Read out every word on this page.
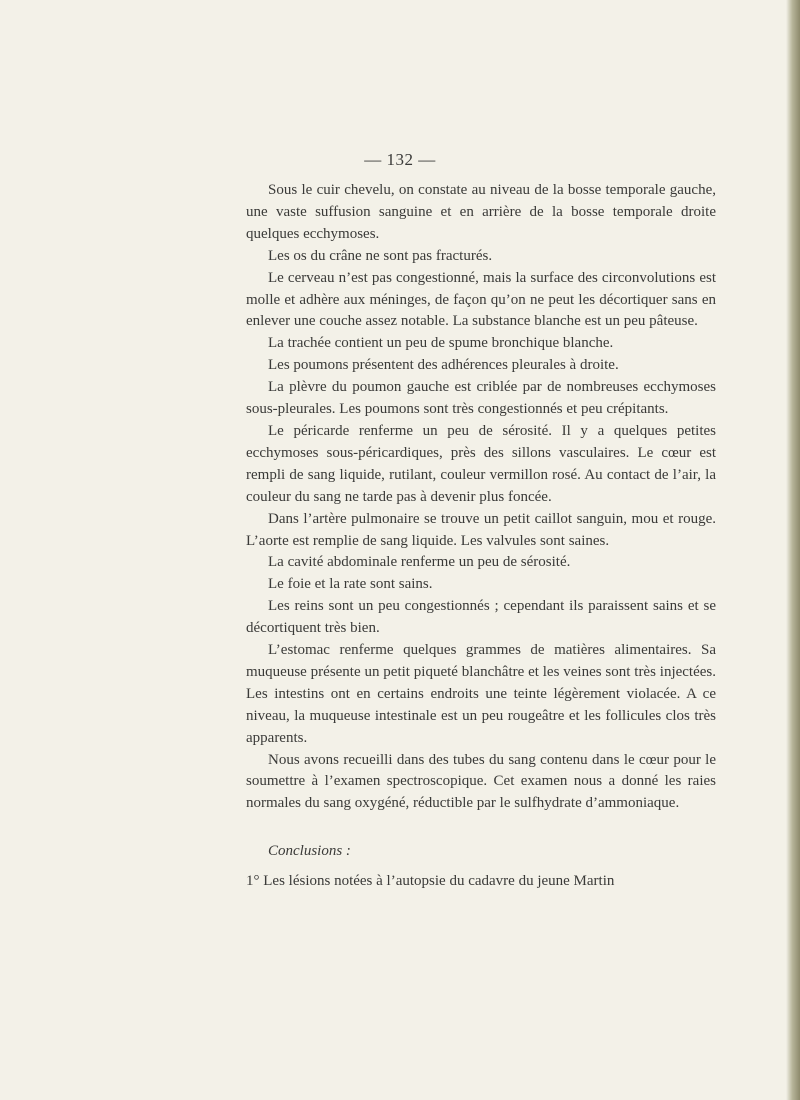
— 132 —

Sous le cuir chevelu, on constate au niveau de la bosse temporale gauche, une vaste suffusion sanguine et en arrière de la bosse temporale droite quelques ecchymoses.

Les os du crâne ne sont pas fracturés.

Le cerveau n’est pas congestionné, mais la surface des circonvolutions est molle et adhère aux méninges, de façon qu’on ne peut les décortiquer sans en enlever une couche assez notable. La substance blanche est un peu pâteuse.

La trachée contient un peu de spume bronchique blanche.

Les poumons présentent des adhérences pleurales à droite.

La plèvre du poumon gauche est criblée par de nombreuses ecchymoses sous-pleurales. Les poumons sont très congestionnés et peu crépitants.

Le péricarde renferme un peu de sérosité. Il y a quelques petites ecchymoses sous-péricardiques, près des sillons vasculaires. Le cœur est rempli de sang liquide, rutilant, couleur vermillon rosé. Au contact de l’air, la couleur du sang ne tarde pas à devenir plus foncée.

Dans l’artère pulmonaire se trouve un petit caillot sanguin, mou et rouge. L’aorte est remplie de sang liquide. Les valvules sont saines.

La cavité abdominale renferme un peu de sérosité.

Le foie et la rate sont sains.

Les reins sont un peu congestionnés ; cependant ils paraissent sains et se décortiquent très bien.

L’estomac renferme quelques grammes de matières alimentaires. Sa muqueuse présente un petit piqueté blanchâtre et les veines sont très injectées. Les intestins ont en certains endroits une teinte légèrement violacée. A ce niveau, la muqueuse intestinale est un peu rougeâtre et les follicules clos très apparents.

Nous avons recueilli dans des tubes du sang contenu dans le cœur pour le soumettre à l’examen spectroscopique. Cet examen nous a donné les raies normales du sang oxygéné, réductible par le sulfhydrate d’ammoniaque.

Conclusions :

1° Les lésions notées à l’autopsie du cadavre du jeune Martin
